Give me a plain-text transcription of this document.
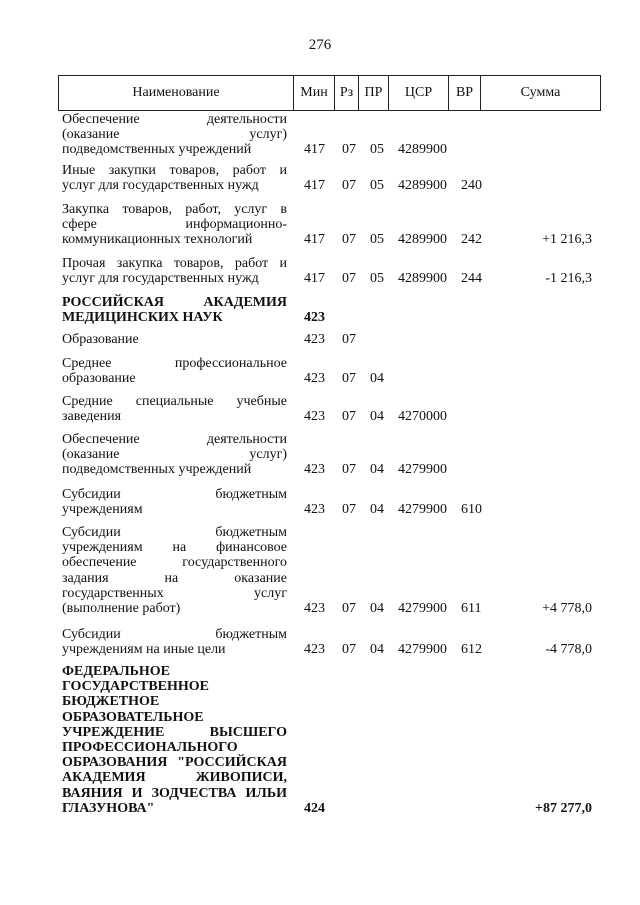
276
Наименование	Мин Рз ПР	ЦСР	ВР	Сумма
Обеспечение деятельности
(оказание услуг)
подведомственных учреждений	417 07 05 4289900
Иные закупки товаров, работ и
услуг для государственных нужд	417 07 05 4289900 240
Закупка товаров, работ, услуг в
сфере информационно-
коммуникационных технологий	417 07 05 4289900 242	+1 216,3
Прочая закупка товаров, работ и
услуг для государственных нужд	417 07 05 4289900 244	-1 216,3
РОССИЙСКАЯ АКАДЕМИЯ
МЕДИЦИНСКИХ НАУК	423
Образование	423 07
Среднее профессиональное
образование	423 07 04
Средние специальные учебные
заведения	423 07 04 4270000
Обеспечение деятельности
(оказание услуг)
подведомственных учреждений	423 07 04 4279900
Субсидии бюджетным
учреждениям	423 07 04 4279900 610
Субсидии бюджетным
учреждениям на финансовое
обеспечение государственного
задания на оказание
государственных услуг
(выполнение работ)	423 07 04 4279900 611	+4 778,0
Субсидии бюджетным
учреждениям на иные цели	423 07 04 4279900 612	-4 778,0
ФЕДЕРАЛЬНОЕ
ГОСУДАРСТВЕННОЕ
БЮДЖЕТНОЕ
ОБРАЗОВАТЕЛЬНОЕ
УЧРЕЖДЕНИЕ ВЫСШЕГО
ПРОФЕССИОНАЛЬНОГО
ОБРАЗОВАНИЯ "РОССИЙСКАЯ
АКАДЕМИЯ ЖИВОПИСИ,
ВАЯНИЯ И ЗОДЧЕСТВА ИЛЬИ
ГЛАЗУНОВА"	424	+87 277,0
